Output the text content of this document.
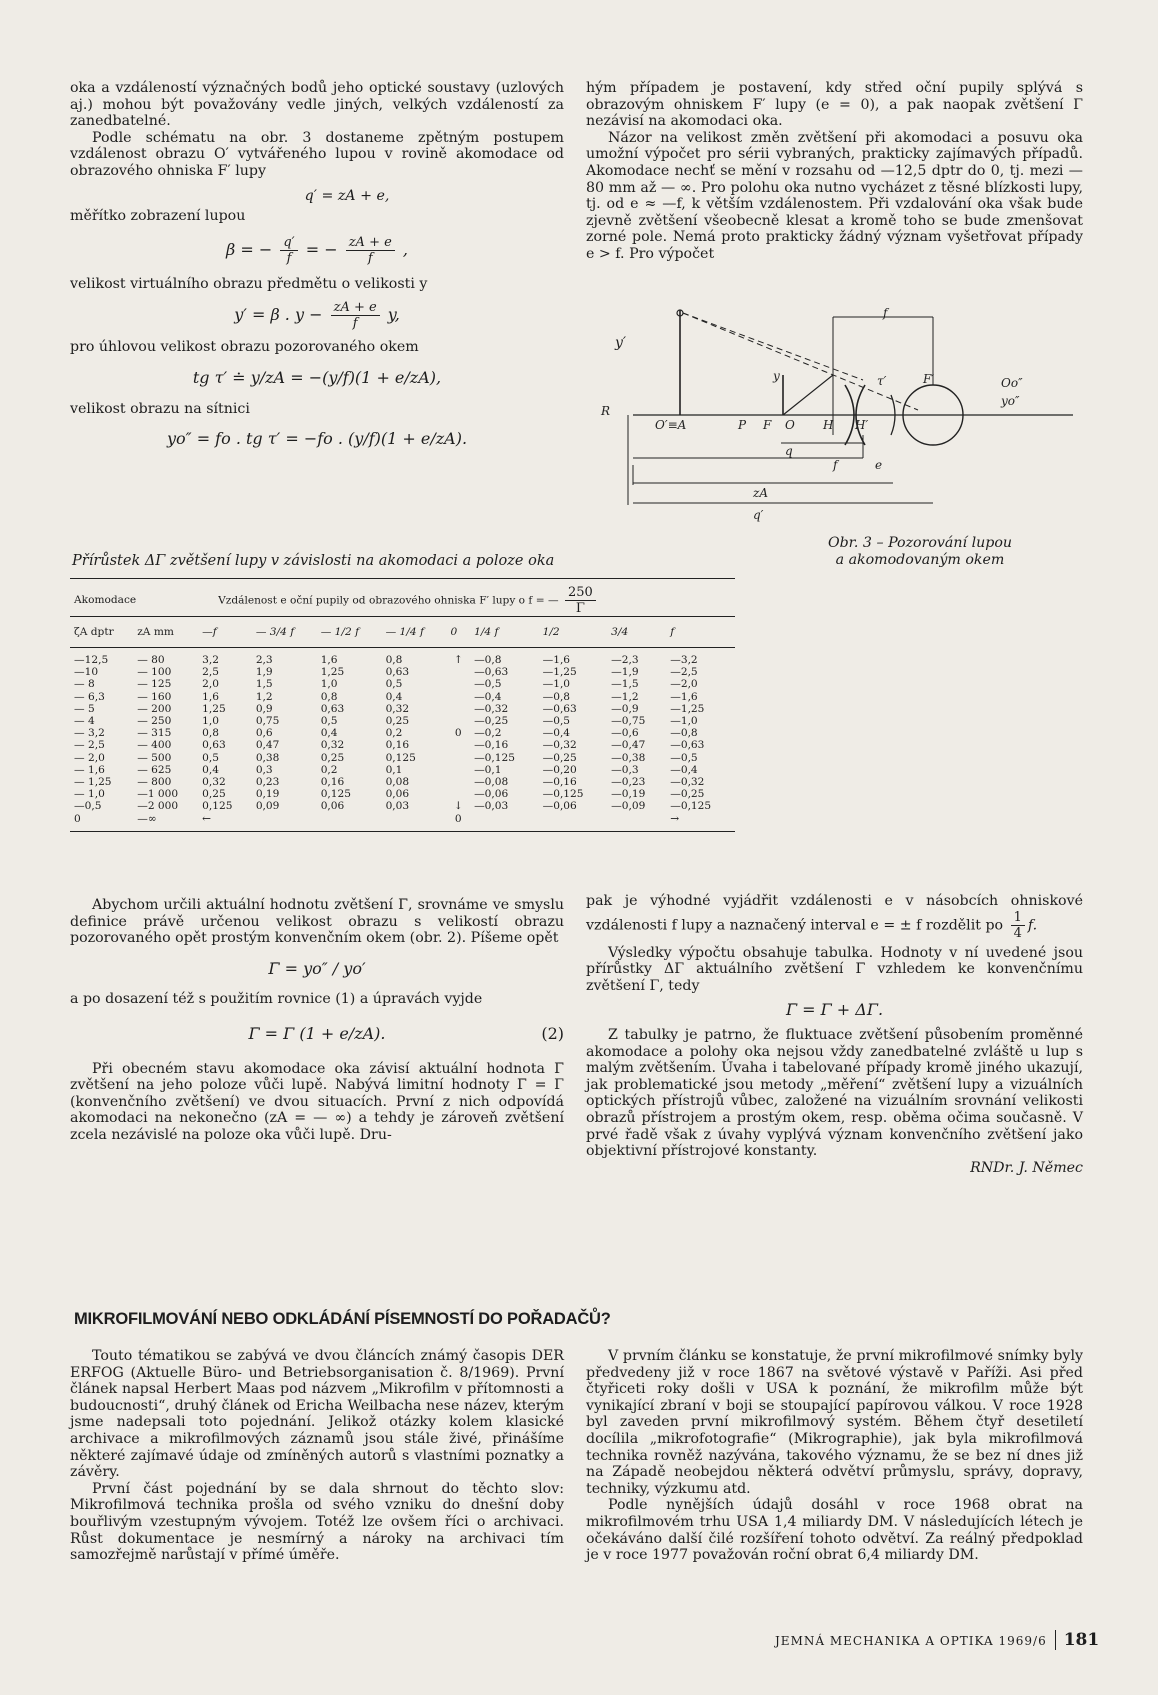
oka a vzdáleností význačných bodů jeho optické soustavy (uzlových aj.) mohou být považovány vedle jiných, velkých vzdáleností za zanedbatelné.

Podle schématu na obr. 3 dostaneme zpětným postupem vzdálenost obrazu O′ vytvářeného lupou v rovině akomodace od obrazového ohniska F′ lupy

q′ = zA + e,

měřítko zobrazení lupou

β = − $\frac{q'}{f}$ = − $\frac{zA + e}{f}$ ,

velikost virtuálního obrazu předmětu o velikosti y

y′ = β . $y - \frac{zA + e}{f} y$,

pro úhlovou velikost obrazu pozorovaného okem

tg τ′ ≐ y/zA = −(y/f)(1 + e/zA),

velikost obrazu na sítnici

yo″ = fo . tg τ′ = −fo . (y/f)(1 + e/zA).

hým případem je postavení, kdy střed oční pupily splývá s obrazovým ohniskem F′ lupy (e = 0), a pak naopak zvětšení Γ nezávisí na akomodaci oka.

Názor na velikost změn zvětšení při akomodaci a posuvu oka umožní výpočet pro sérii vybraných, prakticky zajímavých případů. Akomodace nechť se mění v rozsahu od —12,5 dptr do 0, tj. mezi —80 mm až — ∞. Pro polohu oka nutno vycházet z těsné blízkosti lupy, tj. od e ≈ —f, k větším vzdálenostem. Při vzdalování oka však bude zjevně zvětšení všeobecně klesat a kromě toho se bude zmenšovat zorné pole. Nemá proto prakticky žádný význam vyšetřovat případy e > f. Pro výpočet

f
y′
y	τ′	F′	Oo″
yo″
R
O′≡A	P F O H H′
e
q
zA
q′
f
Obr. 3 – Pozorování lupou
a akomodovaným okem
Přírůstek ΔΓ zvětšení lupy v závislosti na akomodaci a poloze oka
Akomodace		Vzdálenost e oční pupily od obrazového ohniska F′ lupy o f = — $\frac{250}{\Gamma}$

ζA dptr	zA mm	—f	— 3/4 f	— 1/2 f	— 1/4 f	0	1/4 f	1/2	3/4	f
—12,5	— 80	3,2	2,3	1,6	0,8	↑	—0,8	—1,6	—2,3	—3,2
—10	— 100	2,5	1,9	1,25	0,63		—0,63	—1,25	—1,9	—2,5
— 8	— 125	2,0	1,5	1,0	0,5		—0,5	—1,0	—1,5	—2,0
— 6,3	— 160	1,6	1,2	0,8	0,4		—0,4	—0,8	—1,2	—1,6
— 5	— 200	1,25	0,9	0,63	0,32		—0,32	—0,63	—0,9	—1,25
— 4	— 250	1,0	0,75	0,5	0,25		—0,25	—0,5	—0,75	—1,0
— 3,2	— 315	0,8	0,6	0,4	0,2	0	—0,2	—0,4	—0,6	—0,8
— 2,5	— 400	0,63	0,47	0,32	0,16		—0,16	—0,32	—0,47	—0,63
— 2,0	— 500	0,5	0,38	0,25	0,125		—0,125	—0,25	—0,38	—0,5
— 1,6	— 625	0,4	0,3	0,2	0,1		—0,1	—0,20	—0,3	—0,4
— 1,25	— 800	0,32	0,23	0,16	0,08		—0,08	—0,16	—0,23	—0,32
— 1,0	—1 000	0,25	0,19	0,125	0,06		—0,06	—0,125	—0,19	—0,25
—0,5	—2 000	0,125	0,09	0,06	0,03	↓	—0,03	—0,06	—0,09	—0,125
0	—∞	←				0				→

Abychom určili aktuální hodnotu zvětšení Γ̄, srovnáme ve smyslu definice právě určenou velikost obrazu s velikostí obrazu pozorovaného opět prostým konvenčním okem (obr. 2). Píšeme opět

Γ̄ = yo″ / yo′

a po dosazení též s použitím rovnice (1) a úpravách vyjde

Γ̄ = Γ (1 + e/zA).	(2)

Při obecném stavu akomodace oka závisí aktuální hodnota Γ̄ zvětšení na jeho poloze vůči lupě. Nabývá limitní hodnoty Γ̄ = Γ (konvenčního zvětšení) ve dvou situacích. První z nich odpovídá akomodaci na nekonečno (zA = — ∞) a tehdy je zároveň zvětšení zcela nezávislé na poloze oka vůči lupě. Dru-

pak je výhodné vyjádřit vzdálenosti e v násobcích ohniskové vzdálenosti f lupy a naznačený interval e = ± f rozdělit po $\frac{1}{4} f$.

Výsledky výpočtu obsahuje tabulka. Hodnoty v ní uvedené jsou přírůstky ΔΓ aktuálního zvětšení Γ̄ vzhledem ke konvenčnímu zvětšení Γ, tedy

Γ̄ = Γ + ΔΓ.

Z tabulky je patrno, že fluktuace zvětšení působením proměnné akomodace a polohy oka nejsou vždy zanedbatelné zvláště u lup s malým zvětšením. Úvaha i tabelované případy kromě jiného ukazují, jak problematické jsou metody „měření“ zvětšení lupy a vizuálních optických přístrojů vůbec, založené na vizuálním srovnání velikosti obrazů přístrojem a prostým okem, resp. oběma očima současně. V prvé řadě však z úvahy vyplývá význam konvenčního zvětšení jako objektivní přístrojové konstanty.

RNDr. J. Němec

MIKROFILMOVÁNÍ NEBO ODKLÁDÁNÍ PÍSEMNOSTÍ DO POŘADAČŮ?

Touto tématikou se zabývá ve dvou článcích známý časopis DER ERFOG (Aktuelle Büro- und Betriebsorganisation č. 8/1969). První článek napsal Herbert Maas pod názvem „Mikrofilm v přítomnosti a budoucnosti“, druhý článek od Ericha Weilbacha nese název, kterým jsme nadepsali toto pojednání. Jelikož otázky kolem klasické archivace a mikrofilmových záznamů jsou stále živé, přinášíme některé zajímavé údaje od zmíněných autorů s vlastními poznatky a závěry.

První část pojednání by se dala shrnout do těchto slov: Mikrofilmová technika prošla od svého vzniku do dnešní doby bouřlivým vzestupným vývojem. Totéž lze ovšem říci o archivaci. Růst dokumentace je nesmírný a nároky na archivaci tím samozřejmě narůstají v přímé úměře.

V prvním článku se konstatuje, že první mikrofilmové snímky byly předvedeny již v roce 1867 na světové výstavě v Paříži. Asi před čtyřiceti roky došli v USA k poznání, že mikrofilm může být vynikající zbraní v boji se stoupající papírovou válkou. V roce 1928 byl zaveden první mikrofilmový systém. Během čtyř desetiletí docílila „mikrofotografie“ (Mikrographie), jak byla mikrofilmová technika rovněž nazývána, takového významu, že se bez ní dnes již na Západě neobejdou některá odvětví průmyslu, správy, dopravy, techniky, výzkumu atd.

Podle nynějších údajů dosáhl v roce 1968 obrat na mikrofilmovém trhu USA 1,4 miliardy DM. V následujících létech je očekáváno další čilé rozšíření tohoto odvětví. Za reálný předpoklad je v roce 1977 považován roční obrat 6,4 miliardy DM.

JEMNÁ MECHANIKA A OPTIKA 1969/6 181
